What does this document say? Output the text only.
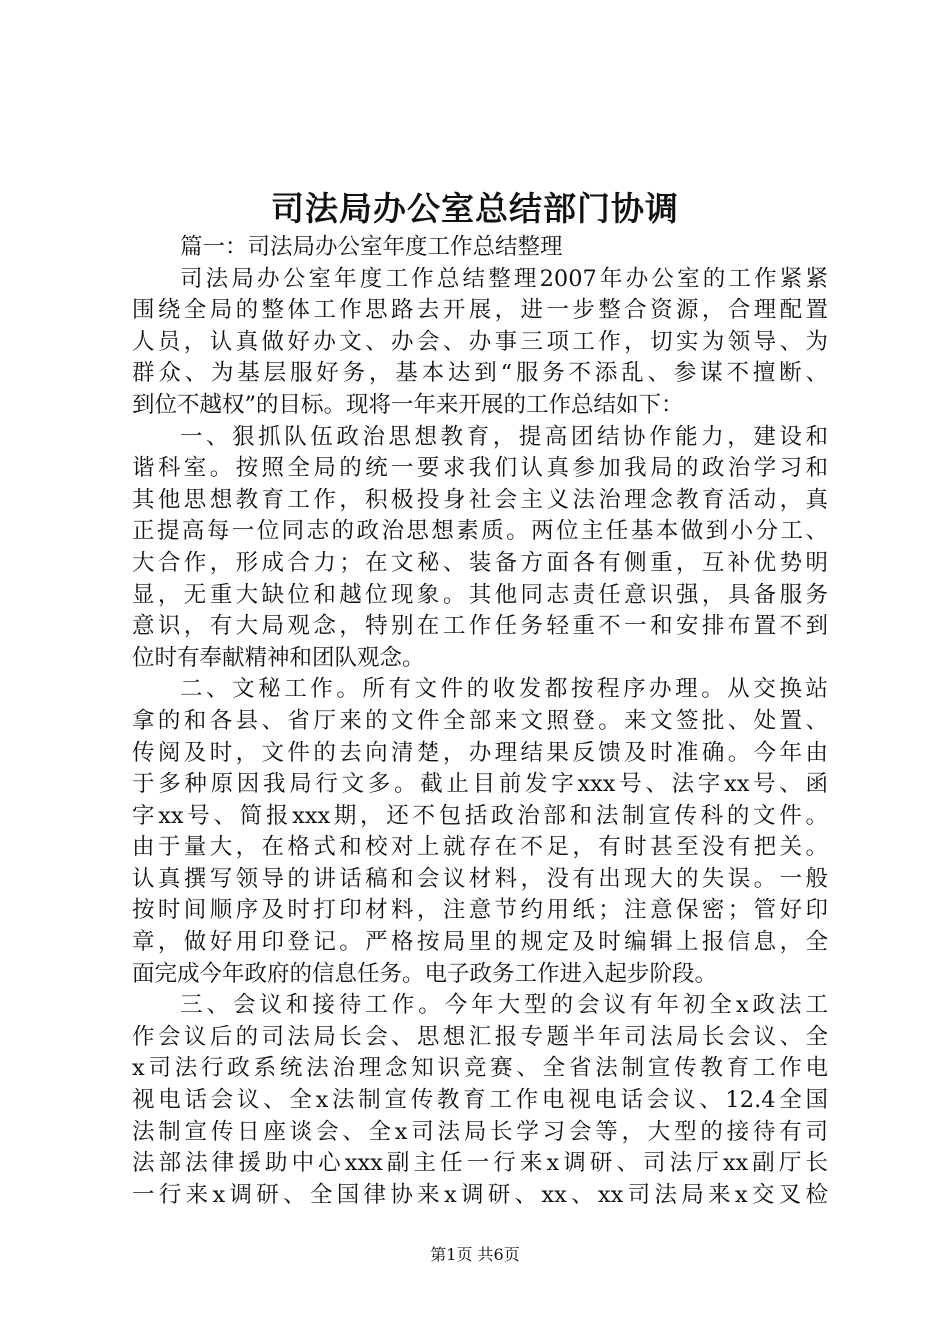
司法局办公室总结部门协调
篇一：司法局办公室年度工作总结整理
司法局办公室年度工作总结整理2007年办公室的工作紧紧
围绕全局的整体工作思路去开展，进一步整合资源，合理配置
人员，认真做好办文、办会、办事三项工作，切实为领导、为
群众、为基层服好务，基本达到“服务不添乱、参谋不擅断、
到位不越权”的目标。现将一年来开展的工作总结如下：
一、狠抓队伍政治思想教育，提高团结协作能力，建设和
谐科室。按照全局的统一要求我们认真参加我局的政治学习和
其他思想教育工作，积极投身社会主义法治理念教育活动，真
正提高每一位同志的政治思想素质。两位主任基本做到小分工、
大合作，形成合力；在文秘、装备方面各有侧重，互补优势明
显，无重大缺位和越位现象。其他同志责任意识强，具备服务
意识，有大局观念，特别在工作任务轻重不一和安排布置不到
位时有奉献精神和团队观念。
二、文秘工作。所有文件的收发都按程序办理。从交换站
拿的和各县、省厅来的文件全部来文照登。来文签批、处置、
传阅及时，文件的去向清楚，办理结果反馈及时准确。今年由
于多种原因我局行文多。截止目前发字xxx号、法字xx号、函
字xx号、简报xxx期，还不包括政治部和法制宣传科的文件。
由于量大，在格式和校对上就存在不足，有时甚至没有把关。
认真撰写领导的讲话稿和会议材料，没有出现大的失误。一般
按时间顺序及时打印材料，注意节约用纸；注意保密；管好印
章，做好用印登记。严格按局里的规定及时编辑上报信息，全
面完成今年政府的信息任务。电子政务工作进入起步阶段。
三、会议和接待工作。今年大型的会议有年初全x政法工
作会议后的司法局长会、思想汇报专题半年司法局长会议、全
x司法行政系统法治理念知识竞赛、全省法制宣传教育工作电
视电话会议、全x法制宣传教育工作电视电话会议、12.4全国
法制宣传日座谈会、全x司法局长学习会等，大型的接待有司
法部法律援助中心xxx副主任一行来x调研、司法厅xx副厅长
一行来x调研、全国律协来x调研、xx、xx司法局来x交叉检
第1页 共6页
